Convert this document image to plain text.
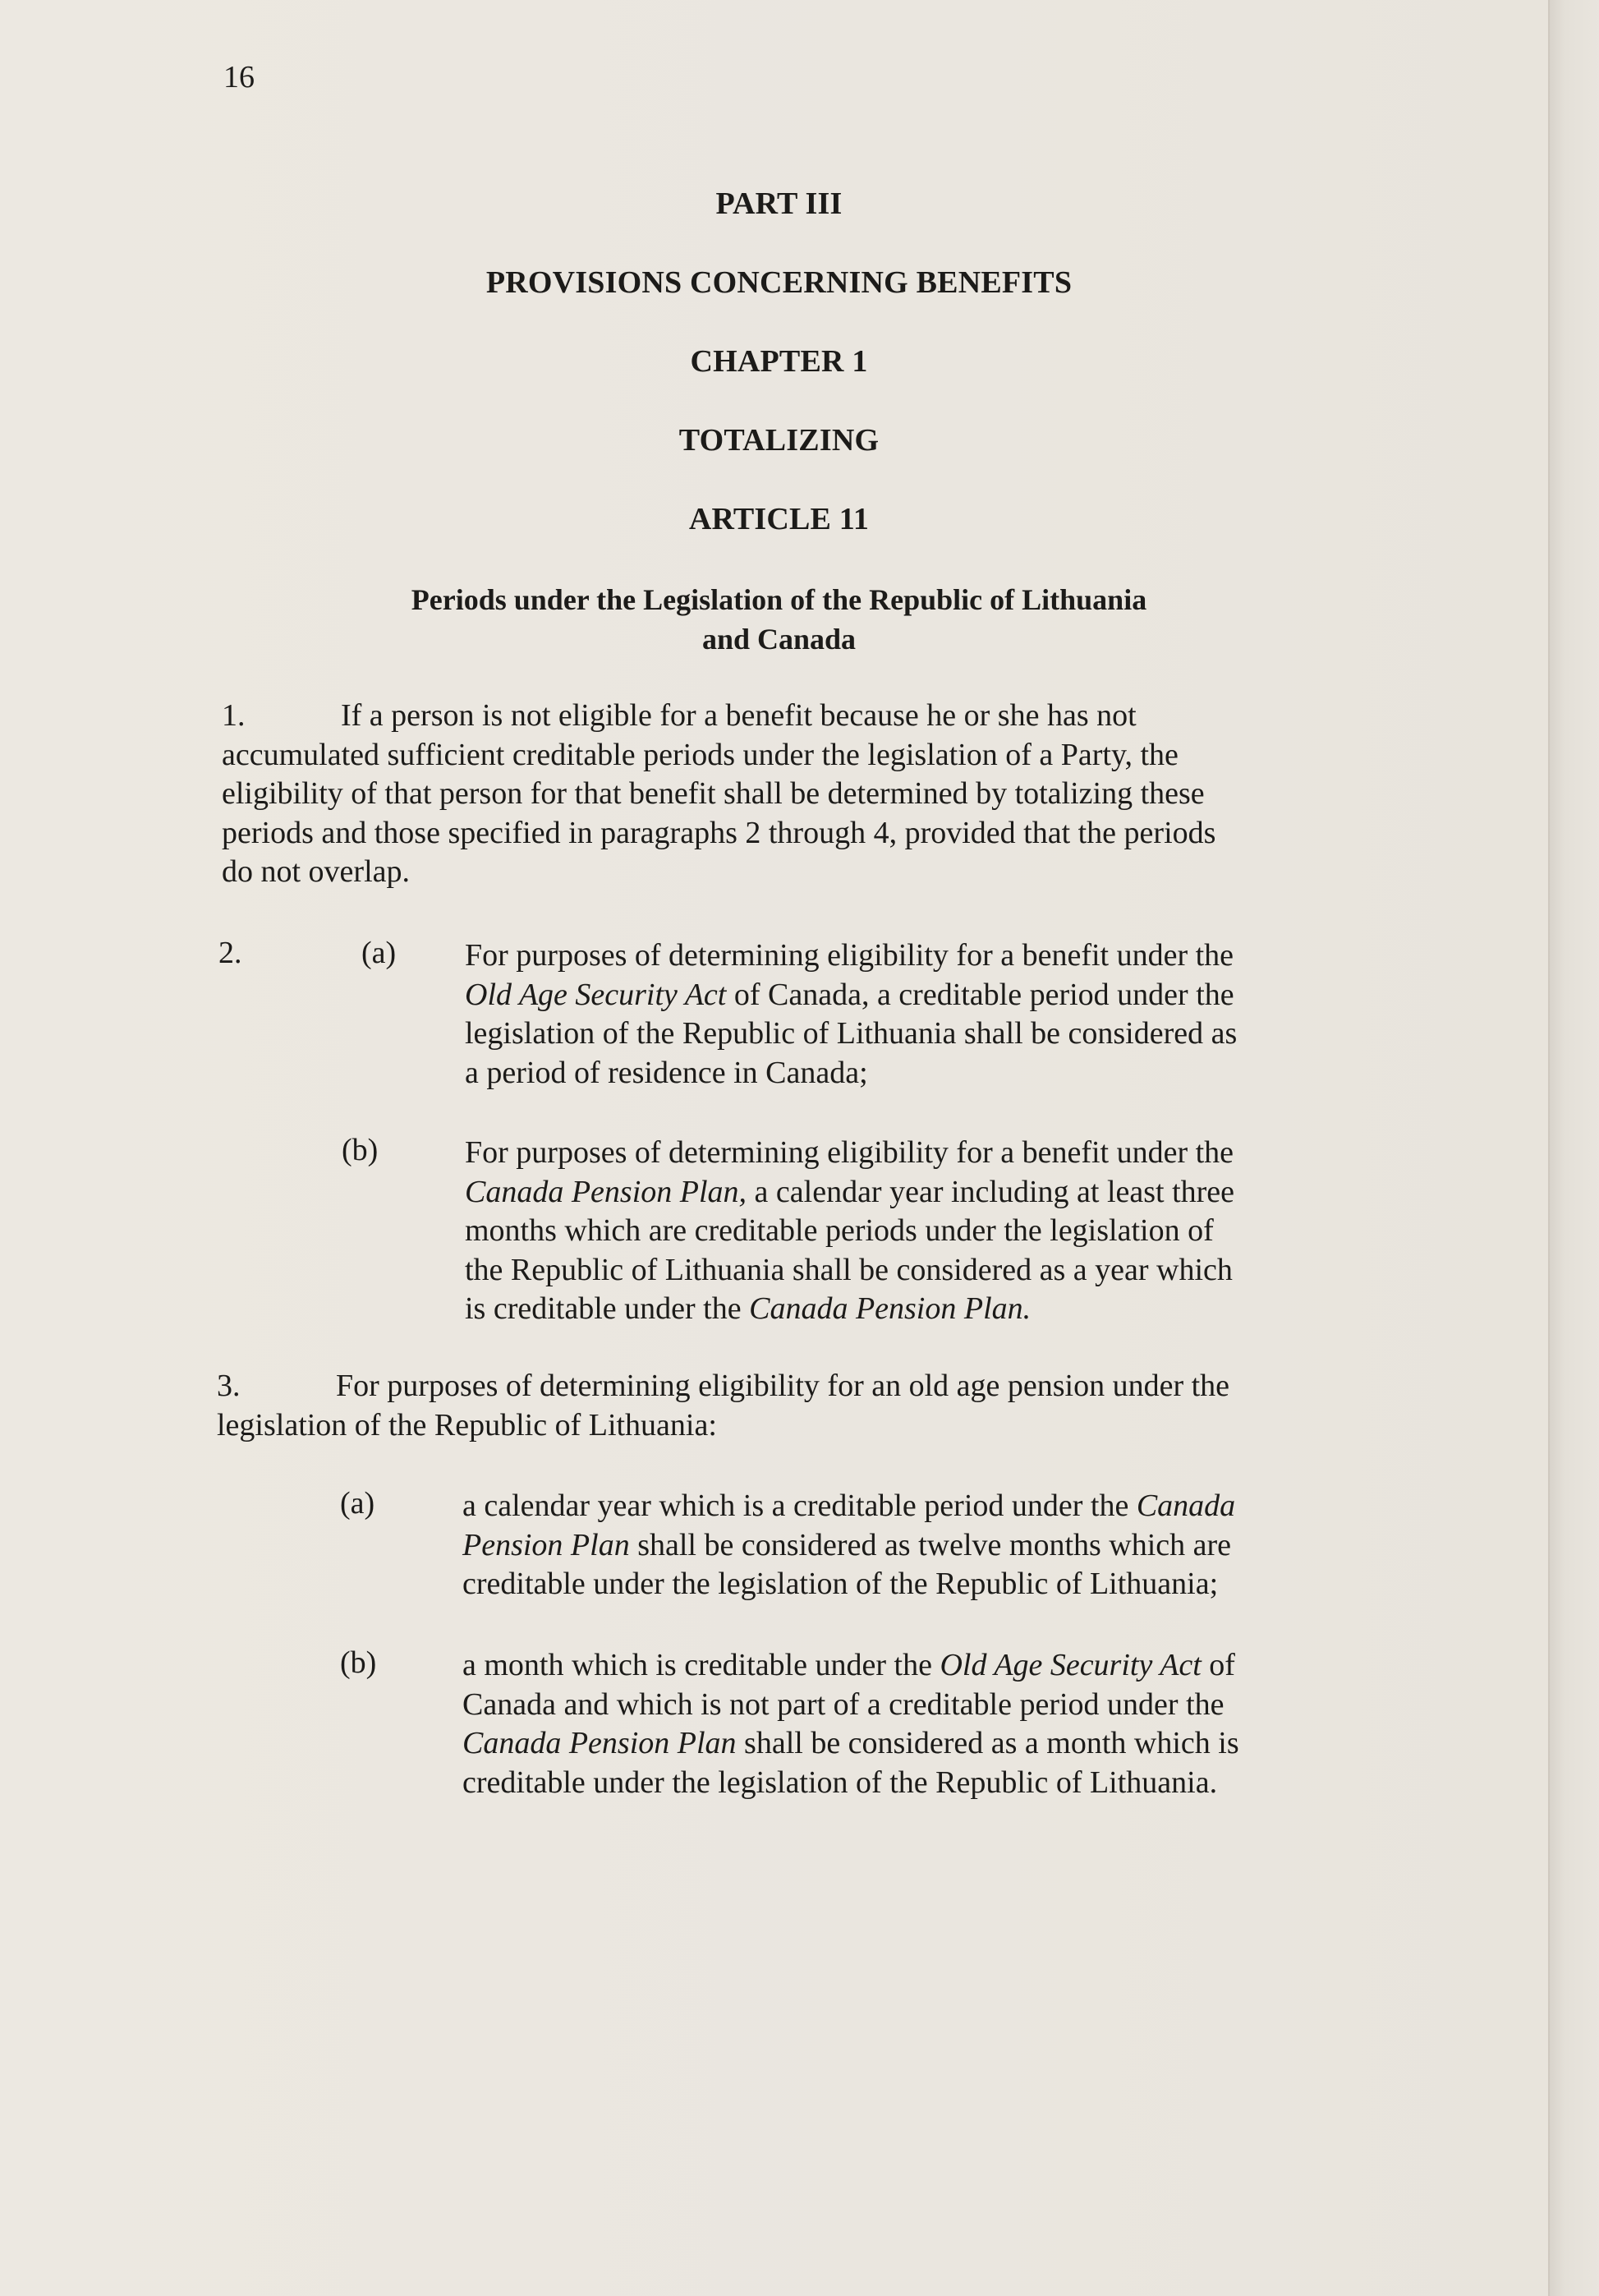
16
PART III
PROVISIONS CONCERNING BENEFITS
CHAPTER 1
TOTALIZING
ARTICLE 11
Periods under the Legislation of the Republic of Lithuania
and Canada
1.	If a person is not eligible for a benefit because he or she has not
accumulated sufficient creditable periods under the legislation of a Party, the
eligibility of that person for that benefit shall be determined by totalizing these
periods and those specified in paragraphs 2 through 4, provided that the periods
do not overlap.
2.	(a) For purposes of determining eligibility for a benefit under the
Old Age Security Act of Canada, a creditable period under the
legislation of the Republic of Lithuania shall be considered as
a period of residence in Canada;
(b)	For purposes of determining eligibility for a benefit under the
Canada Pension Plan, a calendar year including at least three
months which are creditable periods under the legislation of
the Republic of Lithuania shall be considered as a year which
is creditable under the Canada Pension Plan.
3.	For purposes of determining eligibility for an old age pension under the
legislation of the Republic of Lithuania:
(a)	a calendar year which is a creditable period under the Canada
Pension Plan shall be considered as twelve months which are
creditable under the legislation of the Republic of Lithuania;
(b)	a month which is creditable under the Old Age Security Act of
Canada and which is not part of a creditable period under the
Canada Pension Plan shall be considered as a month which is
creditable under the legislation of the Republic of Lithuania.
